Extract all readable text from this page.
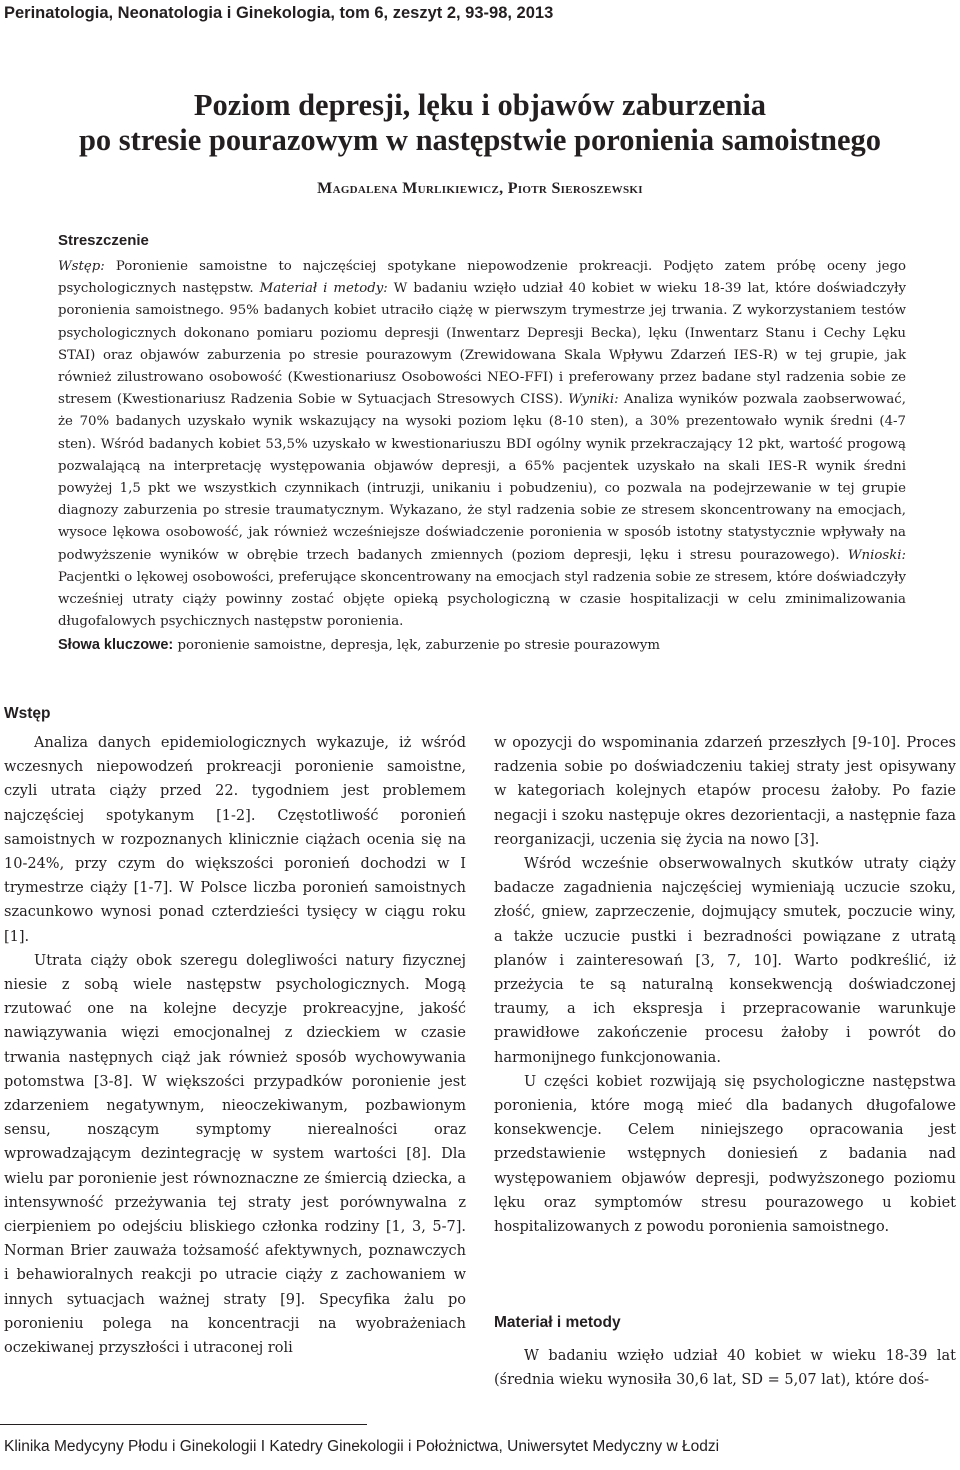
Perinatologia, Neonatologia i Ginekologia, tom 6, zeszyt 2, 93-98, 2013
Poziom depresji, lęku i objawów zaburzenia
po stresie pourazowym w następstwie poronienia samoistnego
Magdalena Murlikiewicz, Piotr Sieroszewski
Streszczenie

Wstęp: Poronienie samoistne to najczęściej spotykane niepowodzenie prokreacji. Podjęto zatem próbę oceny jego psychologicznych następstw. Materiał i metody: W badaniu wzięło udział 40 kobiet w wieku 18-39 lat, które doświadczyły poronienia samoistnego. 95% badanych kobiet utraciło ciążę w pierwszym trymestrze jej trwania. Z wykorzystaniem testów psychologicznych dokonano pomiaru poziomu depresji (Inwentarz Depresji Becka), lęku (Inwentarz Stanu i Cechy Lęku STAI) oraz objawów zaburzenia po stresie pourazowym (Zrewidowana Skala Wpływu Zdarzeń IES-R) w tej grupie, jak również zilustrowano osobowość (Kwestionariusz Osobowości NEO-FFI) i preferowany przez badane styl radzenia sobie ze stresem (Kwestionariusz Radzenia Sobie w Sytuacjach Stresowych CISS). Wyniki: Analiza wyników pozwala zaobserwować, że 70% badanych uzyskało wynik wskazujący na wysoki poziom lęku (8-10 sten), a 30% prezentowało wynik średni (4-7 sten). Wśród badanych kobiet 53,5% uzyskało w kwestionariuszu BDI ogólny wynik przekraczający 12 pkt, wartość progową pozwalającą na interpretację występowania objawów depresji, a 65% pacjentek uzyskało na skali IES-R wynik średni powyżej 1,5 pkt we wszystkich czynnikach (intruzji, unikaniu i pobudzeniu), co pozwala na podejrzewanie w tej grupie diagnozy zaburzenia po stresie traumatycznym. Wykazano, że styl radzenia sobie ze stresem skoncentrowany na emocjach, wysoce lękowa osobowość, jak również wcześniejsze doświadczenie poronienia w sposób istotny statystycznie wpływały na podwyższenie wyników w obrębie trzech badanych zmiennych (poziom depresji, lęku i stresu pourazowego). Wnioski: Pacjentki o lękowej osobowości, preferujące skoncentrowany na emocjach styl radzenia sobie ze stresem, które doświadczyły wcześniej utraty ciąży powinny zostać objęte opieką psychologiczną w czasie hospitalizacji w celu zminimalizowania długofalowych psychicznych następstw poronienia.

Słowa kluczowe: poronienie samoistne, depresja, lęk, zaburzenie po stresie pourazowym
Wstęp

Analiza danych epidemiologicznych wykazuje, iż wśród wczesnych niepowodzeń prokreacji poronienie samoistne, czyli utrata ciąży przed 22. tygodniem jest problemem najczęściej spotykanym [1-2]. Częstotliwość poronień samoistnych w rozpoznanych klinicznie ciążach ocenia się na 10-24%, przy czym do większości poronień dochodzi w I trymestrze ciąży [1-7]. W Polsce liczba poronień samoistnych szacunkowo wynosi ponad czterdzieści tysięcy w ciągu roku [1].

Utrata ciąży obok szeregu dolegliwości natury fizycznej niesie z sobą wiele następstw psychologicznych. Mogą rzutować one na kolejne decyzje prokreacyjne, jakość nawiązywania więzi emocjonalnej z dzieckiem w czasie trwania następnych ciąż jak również sposób wychowywania potomstwa [3-8]. W większości przypadków poronienie jest zdarzeniem negatywnym, nieoczekiwanym, pozbawionym sensu, noszącym symptomy nierealności oraz wprowadzającym dezintegrację w system wartości [8]. Dla wielu par poronienie jest równoznaczne ze śmiercią dziecka, a intensywność przeżywania tej straty jest porównywalna z cierpieniem po odejściu bliskiego członka rodziny [1, 3, 5-7]. Norman Brier zauważa tożsamość afektywnych, poznawczych i behawioralnych reakcji po utracie ciąży z zachowaniem w innych sytuacjach ważnej straty [9]. Specyfika żalu po poronieniu polega na koncentracji na wyobrażeniach oczekiwanej przyszłości i utraconej roli

w opozycji do wspominania zdarzeń przeszłych [9-10]. Proces radzenia sobie po doświadczeniu takiej straty jest opisywany w kategoriach kolejnych etapów procesu żałoby. Po fazie negacji i szoku następuje okres dezorientacji, a następnie faza reorganizacji, uczenia się życia na nowo [3].

Wśród wcześnie obserwowalnych skutków utraty ciąży badacze zagadnienia najczęściej wymieniają uczucie szoku, złość, gniew, zaprzeczenie, dojmujący smutek, poczucie winy, a także uczucie pustki i bezradności powiązane z utratą planów i zainteresowań [3, 7, 10]. Warto podkreślić, iż przeżycia te są naturalną konsekwencją doświadczonej traumy, a ich ekspresja i przepracowanie warunkuje prawidłowe zakończenie procesu żałoby i powrót do harmonijnego funkcjonowania.

U części kobiet rozwijają się psychologiczne następstwa poronienia, które mogą mieć dla badanych długofalowe konsekwencje. Celem niniejszego opracowania jest przedstawienie wstępnych doniesień z badania nad występowaniem objawów depresji, podwyższonego poziomu lęku oraz symptomów stresu pourazowego u kobiet hospitalizowanych z powodu poronienia samoistnego.

Materiał i metody

W badaniu wzięło udział 40 kobiet w wieku 18-39 lat (średnia wieku wynosiła 30,6 lat, SD = 5,07 lat), które doś-

Klinika Medycyny Płodu i Ginekologii I Katedry Ginekologii i Położnictwa, Uniwersytet Medyczny w Łodzi
